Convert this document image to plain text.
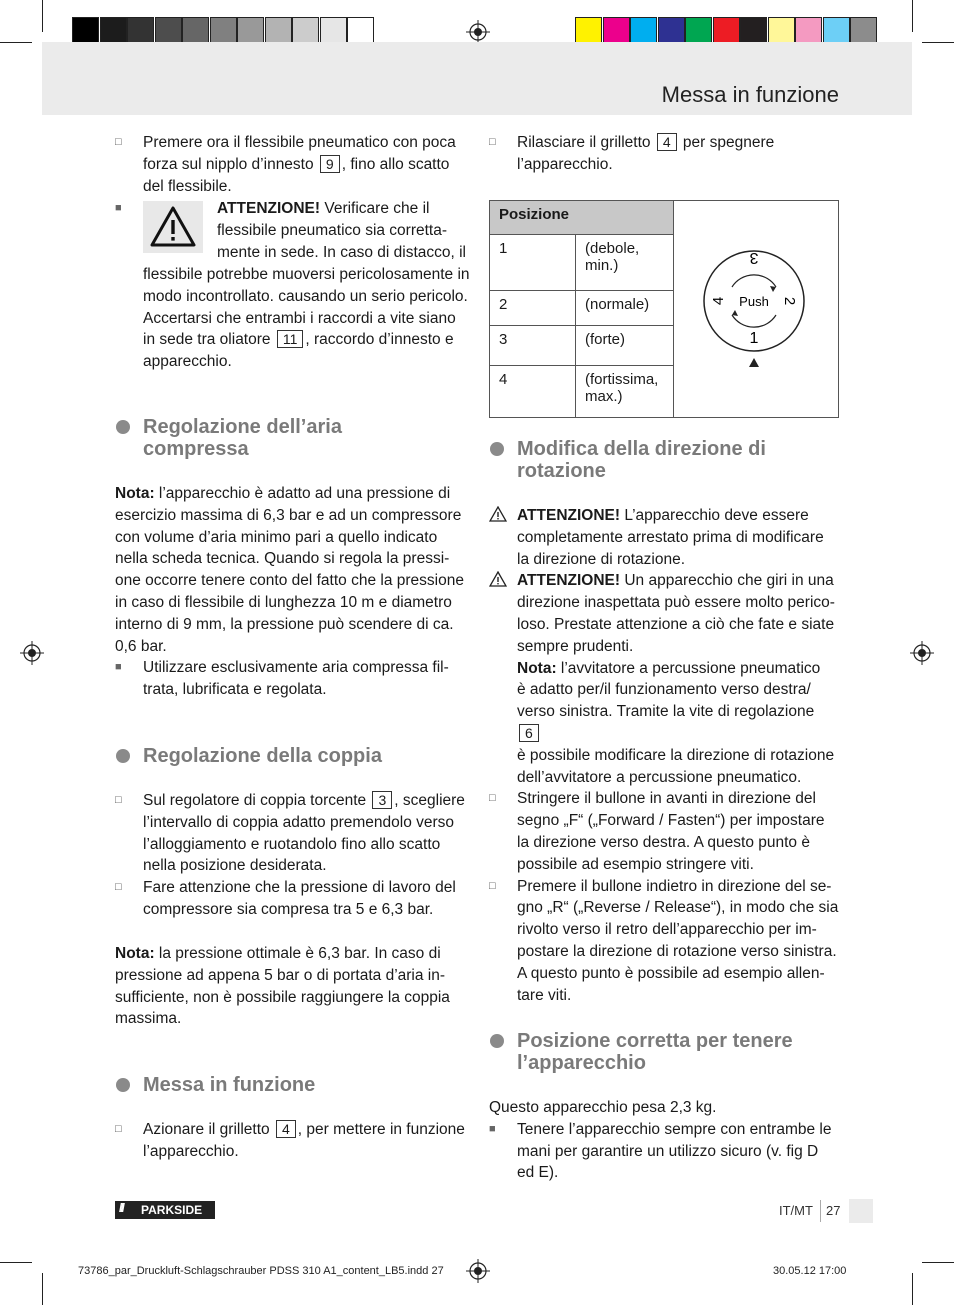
Messa in funzione
□ Premere ora il flessibile pneumatico con poca
forza sul nipplo d’innesto 9 , fino allo scatto
del flessibile.
■	ATTENZIONE! Verificare che il
flessibile pneumatico sia corretta-
mente in sede. In caso di distacco, il
flessibile potrebbe muoversi pericolosamente in
modo incontrollato. causando un serio pericolo.
Accertarsi che entrambi i raccordi a vite siano
in sede tra oliatore 11 , raccordo d’innesto e
apparecchio.
Regolazione dell’aria
compressa
Nota: l’apparecchio è adatto ad una pressione di
esercizio massima di 6,3 bar e ad un compressore
con volume d’aria minimo pari a quello indicato
nella scheda tecnica. Quando si regola la pressi-
one occorre tenere conto del fatto che la pressione
in caso di flessibile di lunghezza 10 m e diametro
interno di 9 mm, la pressione può scendere di ca.
0,6 bar.
■ Utilizzare esclusivamente aria compressa fil-
trata, lubrificata e regolata.
Regolazione della coppia
□ Sul regolatore di coppia torcente 3 , scegliere
l’intervallo di coppia adatto premendolo verso
l’alloggiamento e ruotandolo fino allo scatto
nella posizione desiderata.
□ Fare attenzione che la pressione di lavoro del
compressore sia compresa tra 5 e 6,3 bar.
Nota: la pressione ottimale è 6,3 bar. In caso di
pressione ad appena 5 bar o di portata d’aria in-
sufficiente, non è possibile raggiungere la coppia
massima.
Messa in funzione
□ Azionare il grilletto 4 , per mettere in funzione
l’apparecchio.
□ Rilasciare il grilletto 4 per spegnere
l’apparecchio.
Posizione		Push
1
2
3
4

1	(debole,
min.)	
2	(normale)	
3	(forte)	
4	(fortissima,
max.)	
Modifica della direzione di
rotazione
ATTENZIONE! L’apparecchio deve essere
completamente arrestato prima di modificare
la direzione di rotazione.
ATTENZIONE! Un apparecchio che giri in una
direzione inaspettata può essere molto perico-
loso. Prestate attenzione a ciò che fate e siate
sempre prudenti.
Nota: l’avvitatore a percussione pneumatico
è adatto per/il funzionamento verso destra/
verso sinistra. Tramite la vite di regolazione 6
è possibile modificare la direzione di rotazione
dell’avvitatore a percussione pneumatico.
□ Stringere il bullone in avanti in direzione del
segno „F“ („Forward / Fasten“) per impostare
la direzione verso destra. A questo punto è
possibile ad esempio stringere viti.
□ Premere il bullone indietro in direzione del se-
gno „R“ („Reverse / Release“), in modo che sia
rivolto verso il retro dell’apparecchio per im-
postare la direzione di rotazione verso sinistra.
A questo punto è possibile ad esempio allen-
tare viti.
Posizione corretta per tenere
l’apparecchio
Questo apparecchio pesa 2,3 kg.
■ Tenere l’apparecchio sempre con entrambe le
mani per garantire un utilizzo sicuro (v. fig D
ed E).
/// PARKSIDE	IT/MT 27
73786_par_Druckluft-Schlagschrauber PDSS 310 A1_content_LB5.indd 27	30.05.12 17:00
